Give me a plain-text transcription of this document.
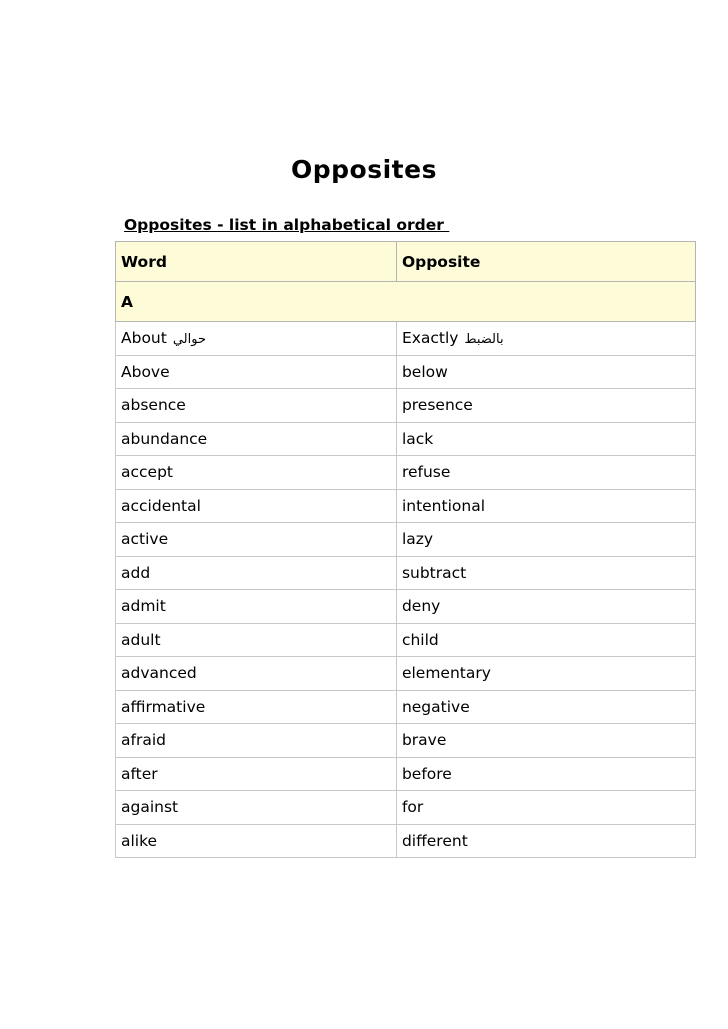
Opposites
Opposites - list in alphabetical order
Word	Opposite
A	
About حوالي	Exactly بالضبط
Above	below
absence	presence
abundance	lack
accept	refuse
accidental	intentional
active	lazy
add	subtract
admit	deny
adult	child
advanced	elementary
affirmative	negative
afraid	brave
after	before
against	for
alike	different
